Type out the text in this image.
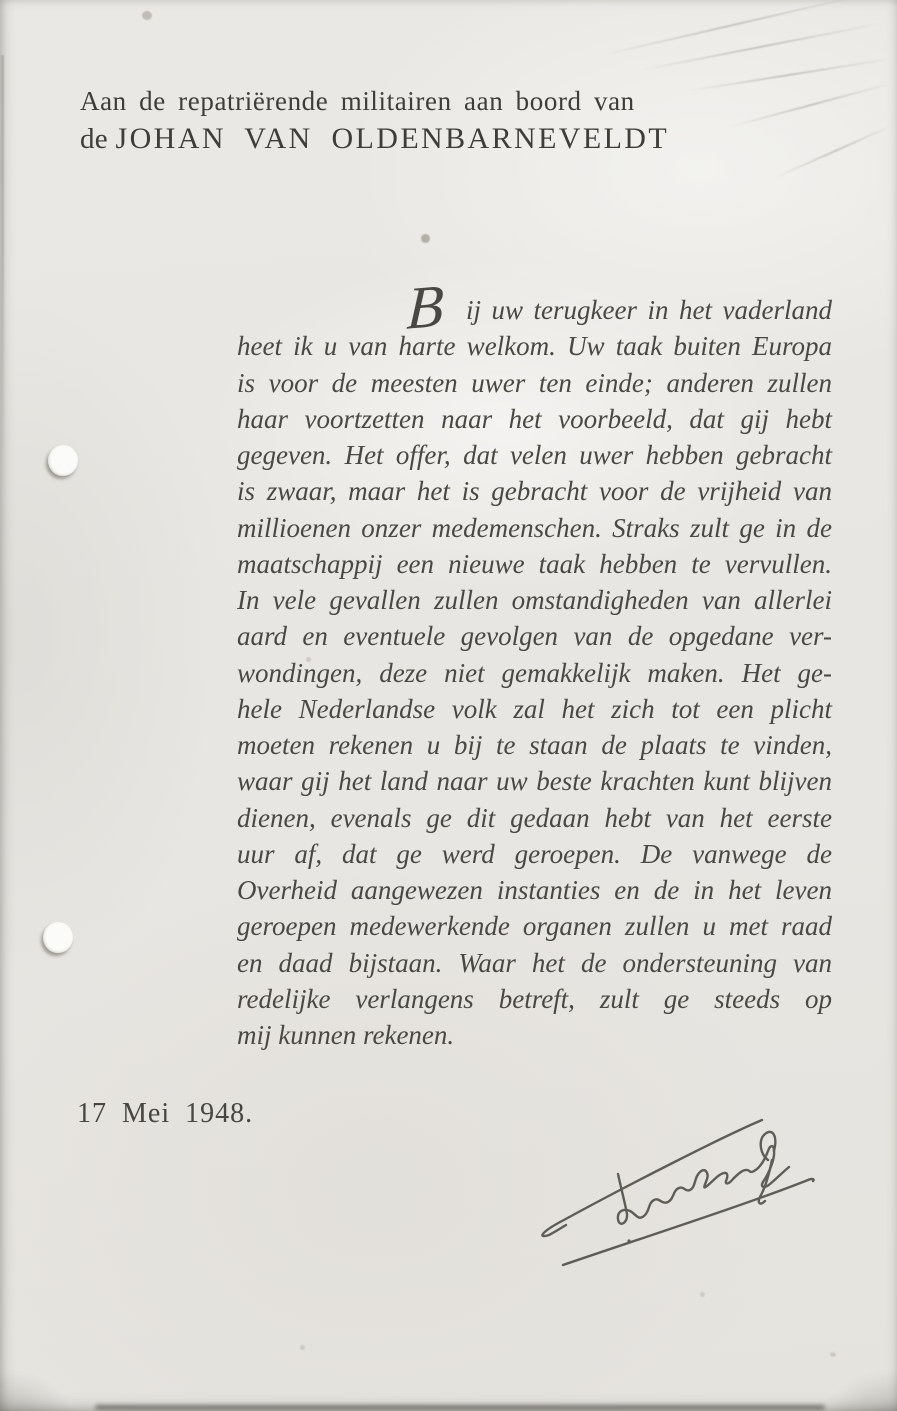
Aan de repatriërende militairen aan boord van
de JOHAN VAN OLDENBARNEVELDT
B ij uw terugkeer in het vaderland
heet ik u van harte welkom. Uw taak buiten Europa
is voor de meesten uwer ten einde; anderen zullen
haar voortzetten naar het voorbeeld, dat gij hebt
gegeven. Het offer, dat velen uwer hebben gebracht
is zwaar, maar het is gebracht voor de vrijheid van
millioenen onzer medemenschen. Straks zult ge in de
maatschappij een nieuwe taak hebben te vervullen.
In vele gevallen zullen omstandigheden van allerlei
aard en eventuele gevolgen van de opgedane ver-
wondingen, deze niet gemakkelijk maken. Het ge-
hele Nederlandse volk zal het zich tot een plicht
moeten rekenen u bij te staan de plaats te vinden,
waar gij het land naar uw beste krachten kunt blijven
dienen, evenals ge dit gedaan hebt van het eerste
uur af, dat ge werd geroepen. De vanwege de
Overheid aangewezen instanties en de in het leven
geroepen medewerkende organen zullen u met raad
en daad bijstaan. Waar het de ondersteuning van
redelijke verlangens betreft, zult ge steeds op
mij kunnen rekenen.
17 Mei 1948.
